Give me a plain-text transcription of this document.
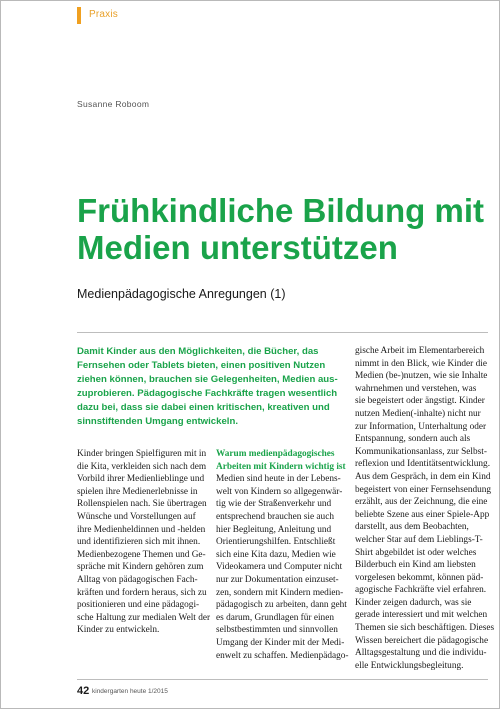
Praxis
Susanne Roboom
Frühkindliche Bildung mit
Medien unterstützen
Medienpädagogische Anregungen (1)
Damit Kinder aus den Möglichkeiten, die Bücher, das
Fernsehen oder Tablets bieten, einen positiven Nutzen
ziehen können, brauchen sie Gelegenheiten, Medien aus-
zuprobieren. Pädagogische Fachkräfte tragen wesentlich
dazu bei, dass sie dabei einen kritischen, kreativen und
sinnstiftenden Umgang entwickeln.
Kinder bringen Spielfiguren mit in
die Kita, verkleiden sich nach dem
Vorbild ihrer Medienlieblinge und
spielen ihre Medienerlebnisse in
Rollenspielen nach. Sie übertragen
Wünsche und Vorstellungen auf
ihre Medienheldinnen und -helden
und identifizieren sich mit ihnen.
Medienbezogene Themen und Ge-
spräche mit Kindern gehören zum
Alltag von pädagogischen Fach-
kräften und fordern heraus, sich zu
positionieren und eine pädagogi-
sche Haltung zur medialen Welt der
Kinder zu entwickeln.
Warum medienpädagogisches
Arbeiten mit Kindern wichtig ist
Medien sind heute in der Lebens-
welt von Kindern so allgegenwär-
tig wie der Straßenverkehr und
entsprechend brauchen sie auch
hier Begleitung, Anleitung und
Orientierungshilfen. Entschließt
sich eine Kita dazu, Medien wie
Videokamera und Computer nicht
nur zur Dokumentation einzuset-
zen, sondern mit Kindern medien-
pädagogisch zu arbeiten, dann geht
es darum, Grundlagen für einen
selbstbestimmten und sinnvollen
Umgang der Kinder mit der Medi-
enwelt zu schaffen. Medienpädago-
gische Arbeit im Elementarbereich
nimmt in den Blick, wie Kinder die
Medien (be-)nutzen, wie sie Inhalte
wahrnehmen und verstehen, was
sie begeistert oder ängstigt. Kinder
nutzen Medien(-inhalte) nicht nur
zur Information, Unterhaltung oder
Entspannung, sondern auch als
Kommunikationsanlass, zur Selbst-
reflexion und Identitätsentwicklung.
Aus dem Gespräch, in dem ein Kind
begeistert von einer Fernsehsendung
erzählt, aus der Zeichnung, die eine
beliebte Szene aus einer Spiele-App
darstellt, aus dem Beobachten,
welcher Star auf dem Lieblings-T-
Shirt abgebildet ist oder welches
Bilderbuch ein Kind am liebsten
vorgelesen bekommt, können päd-
agogische Fachkräfte viel erfahren.
Kinder zeigen dadurch, was sie
gerade interessiert und mit welchen
Themen sie sich beschäftigen. Dieses
Wissen bereichert die pädagogische
Alltagsgestaltung und die individu-
elle Entwicklungsbegleitung.
42 kindergarten heute 1/2015
